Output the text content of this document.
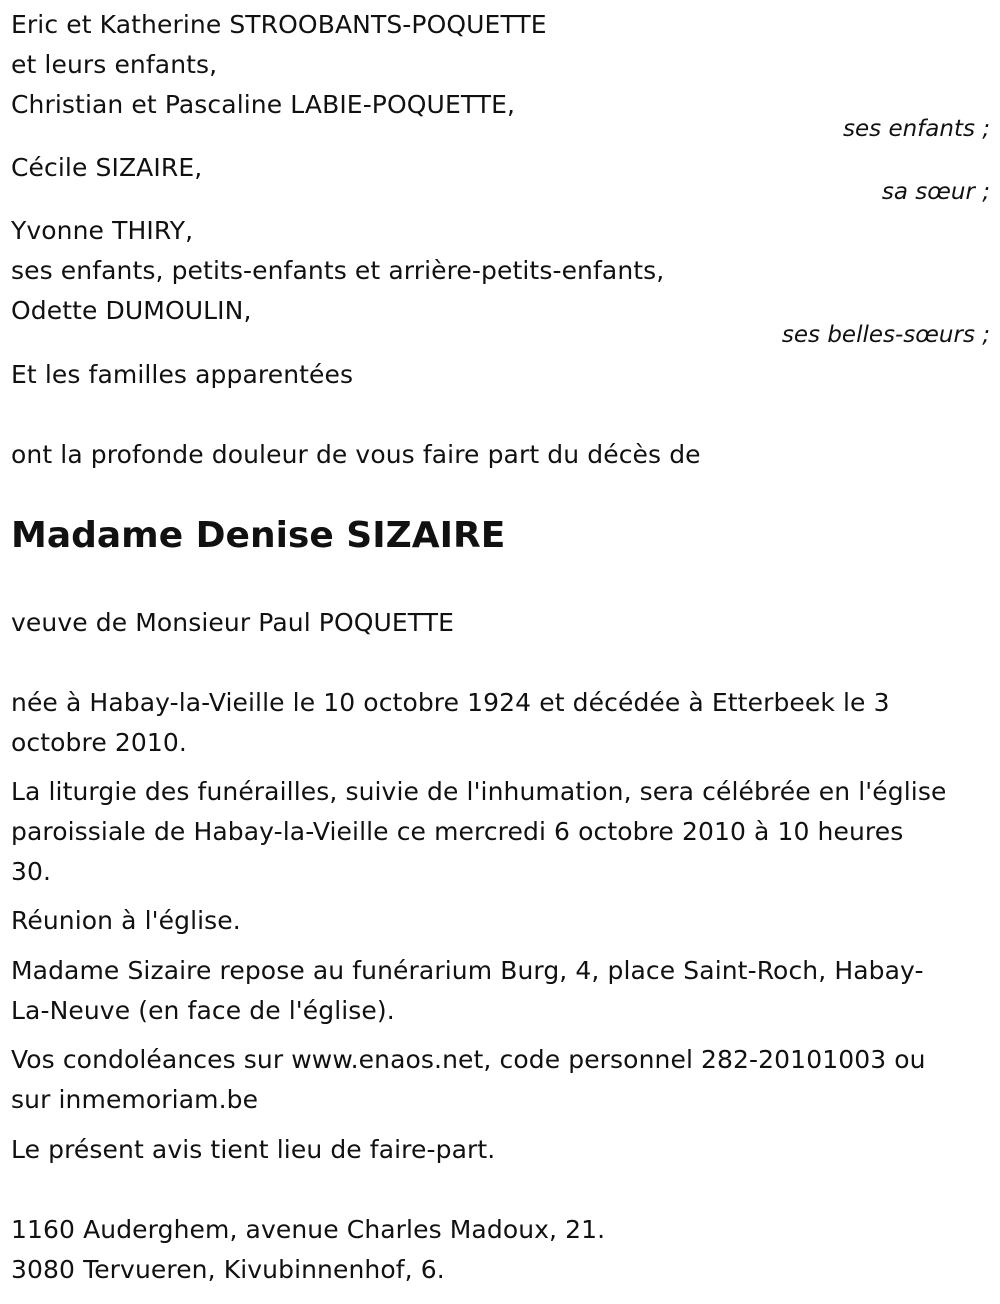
Eric et Katherine STROOBANTS-POQUETTE
et leurs enfants,
Christian et Pascaline LABIE-POQUETTE,
ses enfants ;
Cécile SIZAIRE,
sa sœur ;
Yvonne THIRY,
ses enfants, petits-enfants et arrière-petits-enfants,
Odette DUMOULIN,
ses belles-sœurs ;
Et les familles apparentées
ont la profonde douleur de vous faire part du décès de
Madame Denise SIZAIRE
veuve de Monsieur Paul POQUETTE
née à Habay-la-Vieille le 10 octobre 1924 et décédée à Etterbeek le 3
octobre 2010.
La liturgie des funérailles, suivie de l'inhumation, sera célébrée en l'église
paroissiale de Habay-la-Vieille ce mercredi 6 octobre 2010 à 10 heures
30.
Réunion à l'église.
Madame Sizaire repose au funérarium Burg, 4, place Saint-Roch, Habay-
La-Neuve (en face de l'église).
Vos condoléances sur www.enaos.net, code personnel 282-20101003 ou
sur inmemoriam.be
Le présent avis tient lieu de faire-part.
1160 Auderghem, avenue Charles Madoux, 21.
3080 Tervueren, Kivubinnenhof, 6.
